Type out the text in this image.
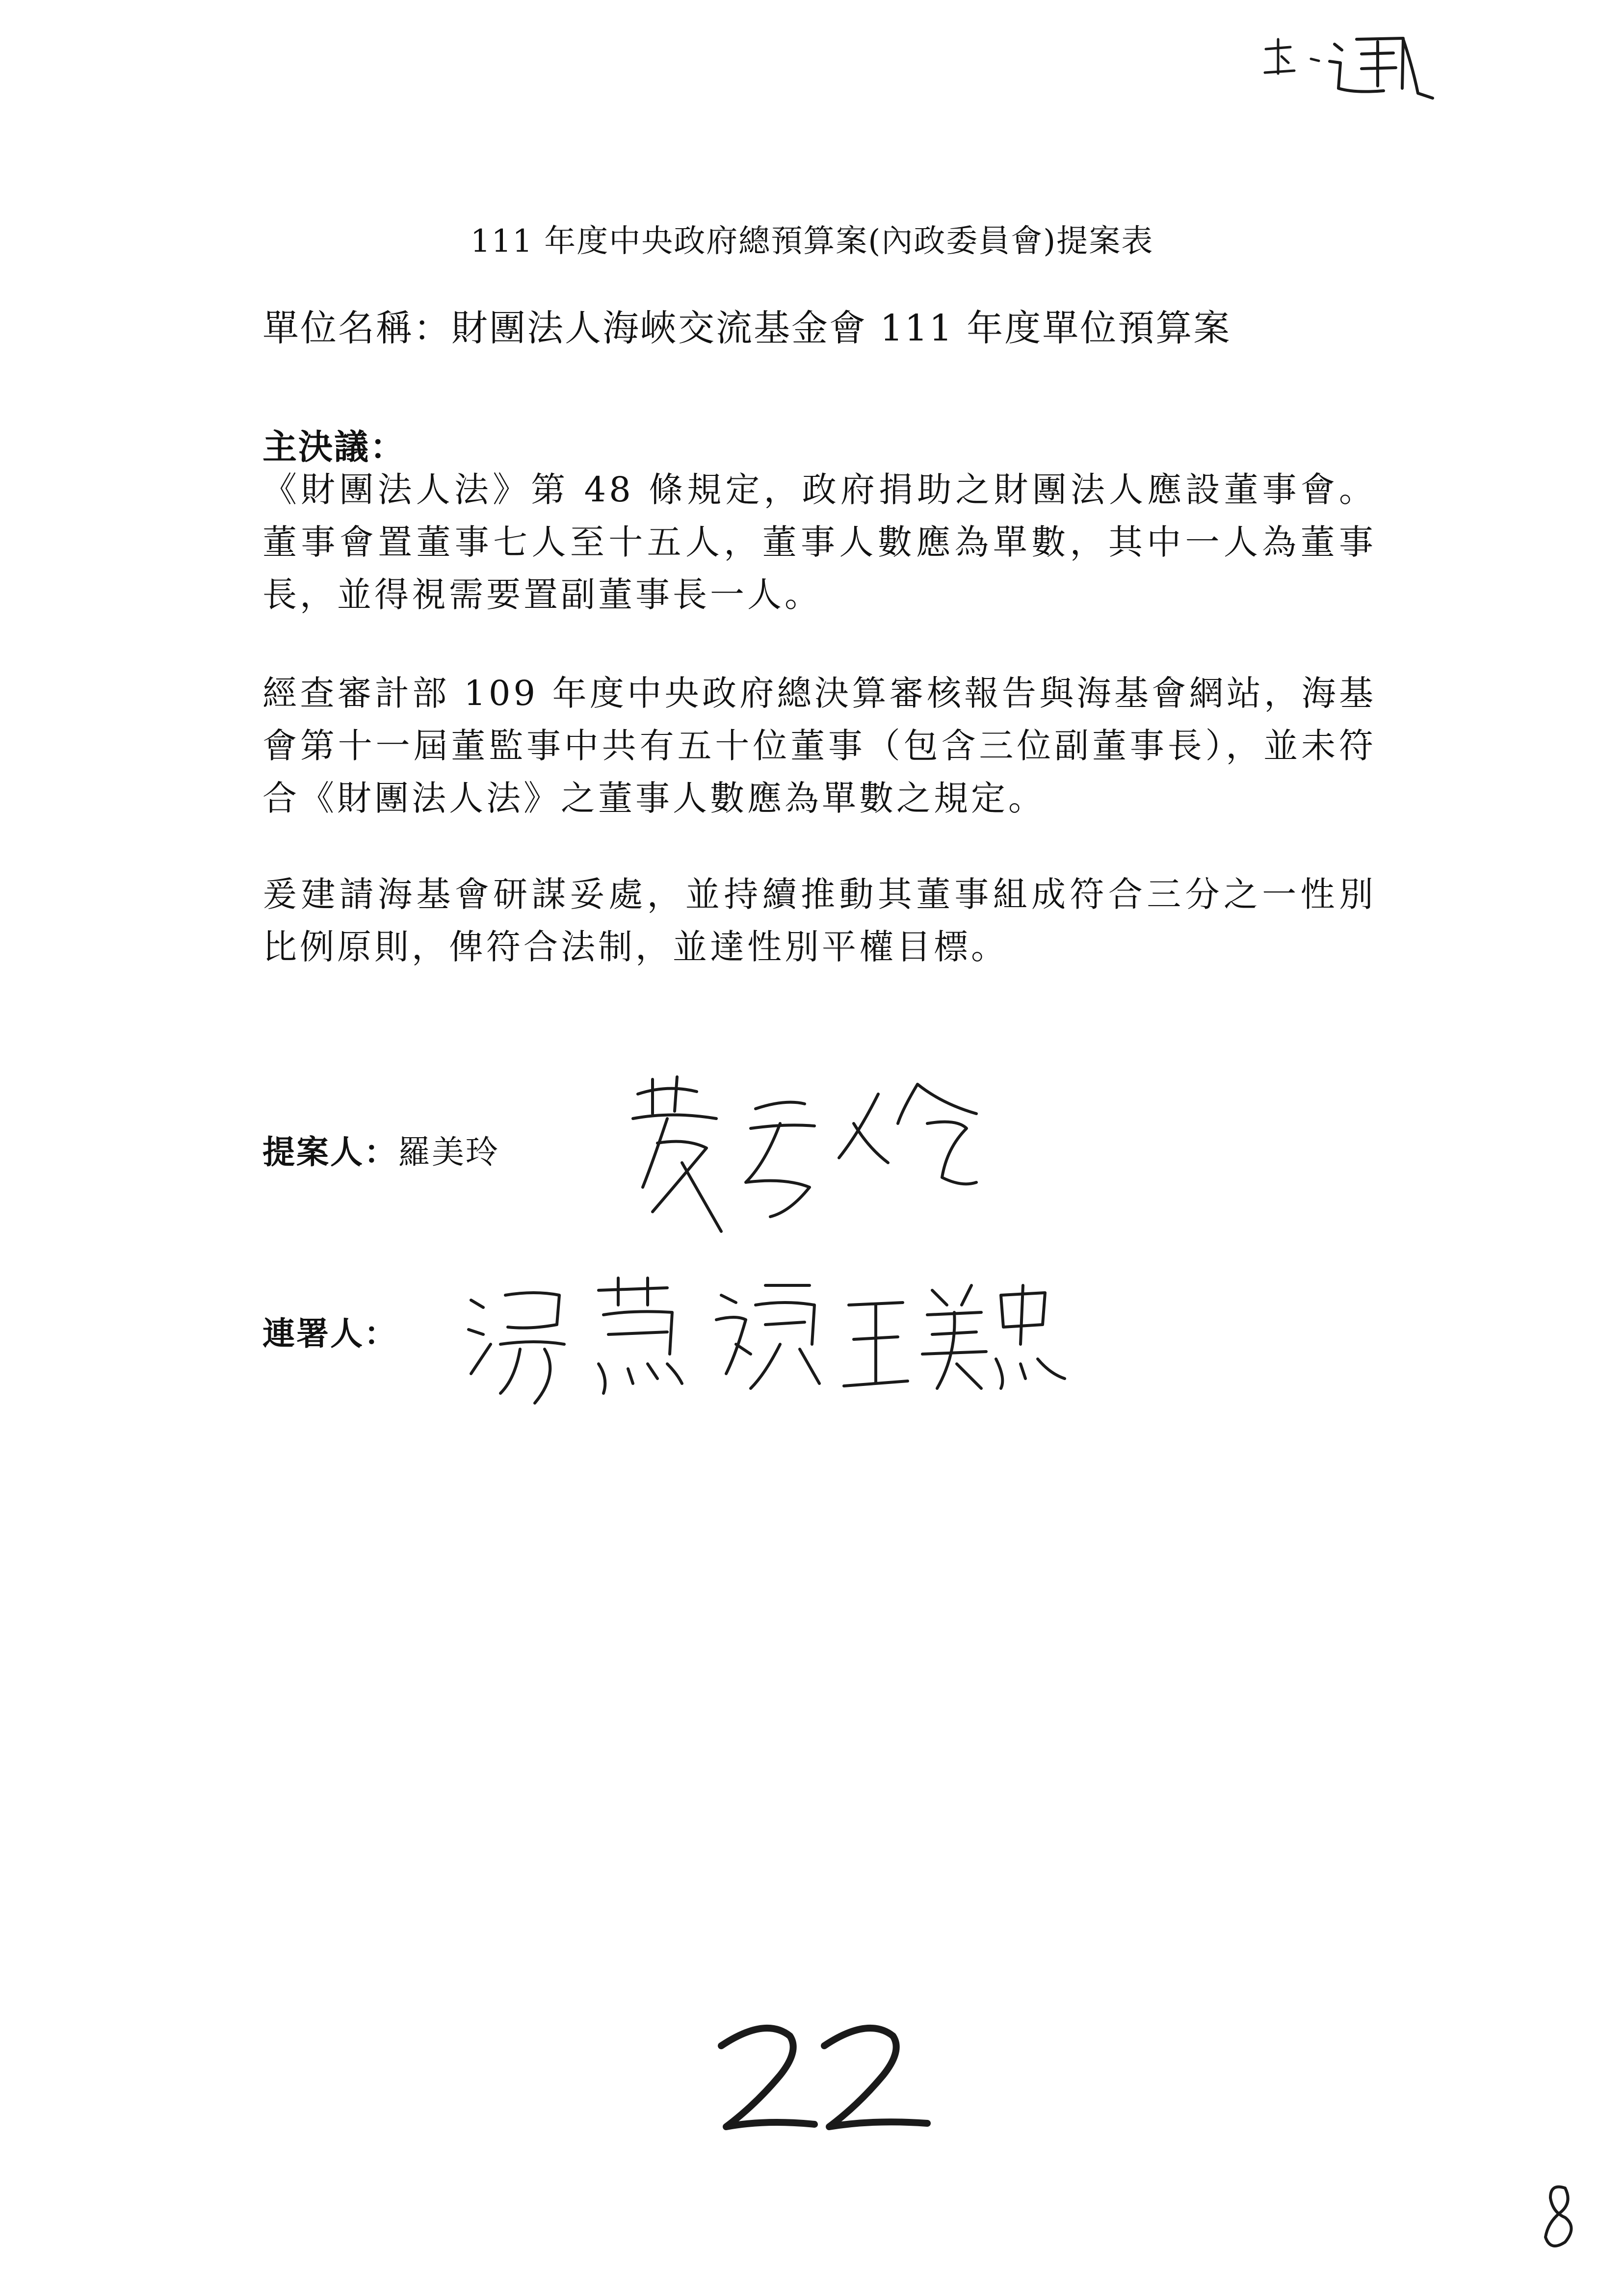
111 年度中央政府總預算案(內政委員會)提案表
單位名稱：財團法人海峽交流基金會 111 年度單位預算案
主決議：
《財團法人法》第 48 條規定，政府捐助之財團法人應設董事會。董事會置董事七人至十五人，董事人數應為單數，其中一人為董事長，並得視需要置副董事長一人。
經查審計部 109 年度中央政府總決算審核報告與海基會網站，海基會第十一屆董監事中共有五十位董事（包含三位副董事長），並未符合《財團法人法》之董事人數應為單數之規定。
爰建請海基會研謀妥處，並持續推動其董事組成符合三分之一性別比例原則，俾符合法制，並達性別平權目標。
提案人：羅美玲
連署人：
